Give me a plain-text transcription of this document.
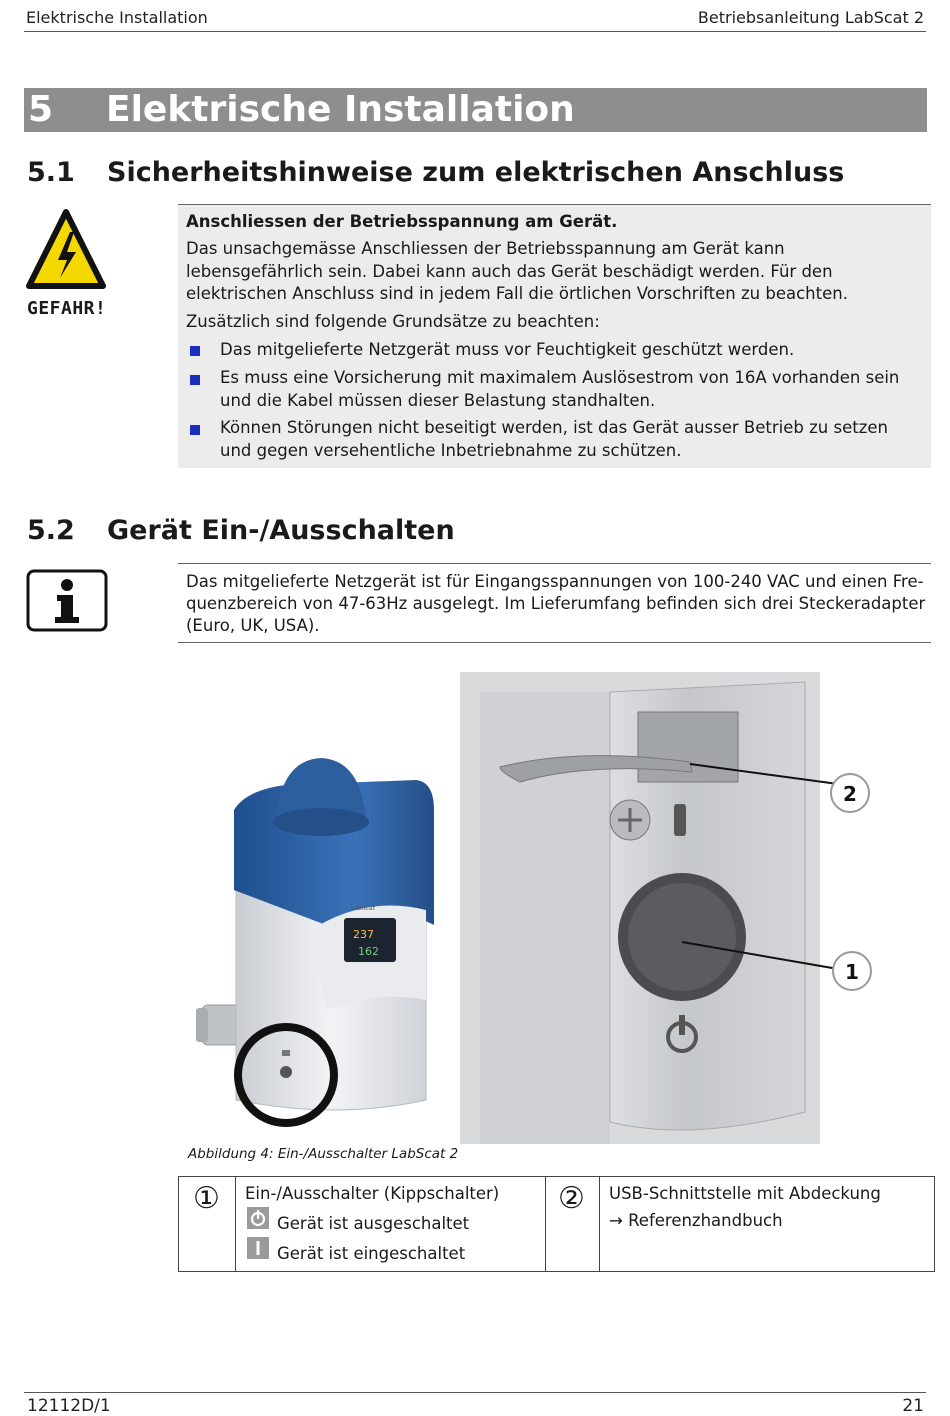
Elektrische Installation	Betriebsanleitung LabScat 2
5 Elektrische Installation
5.1 Sicherheitshinweise zum elektrischen Anschluss
GEFAHR!
Anschliessen der Betriebsspannung am Gerät.
Das unsachgemässe Anschliessen der Betriebsspannung am Gerät kann lebensgefährlich sein. Dabei kann auch das Gerät beschädigt werden. Für den elektrischen Anschluss sind in jedem Fall die örtlichen Vorschriften zu beachten.
Zusätzlich sind folgende Grundsätze zu beachten:
Das mitgelieferte Netzgerät muss vor Feuchtigkeit geschützt werden.
Es muss eine Vorsicherung mit maximalem Auslösestrom von 16A vorhanden sein und die Kabel müssen dieser Belastung standhalten.
Können Störungen nicht beseitigt werden, ist das Gerät ausser Betrieb zu setzen und gegen versehentliche Inbetriebnahme zu schützen.
5.2 Gerät Ein-/Ausschalten
Das mitgelieferte Netzgerät ist für Eingangsspannungen von 100-240 VAC und einen Fre-
quenzbereich von 47-63Hz ausgelegt. Im Lieferumfang befinden sich drei Steckeradapter
(Euro, UK, USA).
237
162
LabScat
2
1
Abbildung 4: Ein-/Ausschalter LabScat 2
① Ein-/Ausschalter (Kippschalter)
Gerät ist ausgeschaltet
Gerät ist eingeschaltet
② USB-Schnittstelle mit Abdeckung
→ Referenzhandbuch
12112D/1	21
